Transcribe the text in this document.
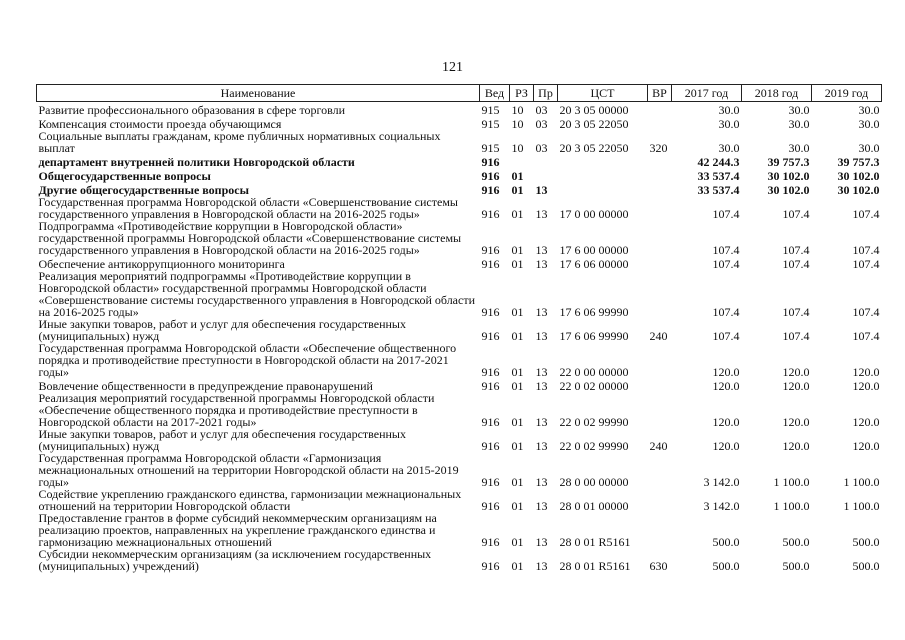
121
Наименование	Вед	РЗ	Пр	ЦСТ	ВР	2017 год	2018 год	2019 год
Развитие профессионального образования в сфере торговли	915	10	03	20 3 05 00000		30.0	30.0	30.0
Компенсация стоимости проезда обучающимся	915	10	03	20 3 05 22050		30.0	30.0	30.0
Социальные выплаты гражданам, кроме публичных нормативных социальных выплат	915	10	03	20 3 05 22050	320	30.0	30.0	30.0
департамент внутренней политики Новгородской области	916					42 244.3	39 757.3	39 757.3
Общегосударственные вопросы	916	01				33 537.4	30 102.0	30 102.0
Другие общегосударственные вопросы	916	01	13			33 537.4	30 102.0	30 102.0
Государственная программа Новгородской области «Совершенствование системы государственного управления в Новгородской области на 2016-2025 годы»	916	01	13	17 0 00 00000		107.4	107.4	107.4
Подпрограмма «Противодействие коррупции в Новгородской области» государственной программы Новгородской области «Совершенствование системы государственного управления в Новгородской области на 2016-2025 годы»	916	01	13	17 6 00 00000		107.4	107.4	107.4
Обеспечение антикоррупционного мониторинга	916	01	13	17 6 06 00000		107.4	107.4	107.4
Реализация мероприятий подпрограммы «Противодействие коррупции в Новгородской области» государственной программы Новгородской области «Совершенствование системы государственного управления в Новгородской области на 2016-2025 годы»	916	01	13	17 6 06 99990		107.4	107.4	107.4
Иные закупки товаров, работ и услуг для обеспечения государственных (муниципальных) нужд	916	01	13	17 6 06 99990	240	107.4	107.4	107.4
Государственная программа Новгородской области «Обеспечение общественного порядка и противодействие преступности в Новгородской области на 2017-2021 годы»	916	01	13	22 0 00 00000		120.0	120.0	120.0
Вовлечение общественности в предупреждение правонарушений	916	01	13	22 0 02 00000		120.0	120.0	120.0
Реализация мероприятий государственной программы Новгородской области «Обеспечение общественного порядка и противодействие преступности в Новгородской области на 2017-2021 годы»	916	01	13	22 0 02 99990		120.0	120.0	120.0
Иные закупки товаров, работ и услуг для обеспечения государственных (муниципальных) нужд	916	01	13	22 0 02 99990	240	120.0	120.0	120.0
Государственная программа Новгородской области «Гармонизация межнациональных отношений на территории Новгородской области на 2015-2019 годы»	916	01	13	28 0 00 00000		3 142.0	1 100.0	1 100.0
Содействие укреплению гражданского единства, гармонизации межнациональных отношений на территории Новгородской области	916	01	13	28 0 01 00000		3 142.0	1 100.0	1 100.0
Предоставление грантов в форме субсидий некоммерческим организациям на реализацию проектов, направленных на укрепление гражданского единства и гармонизацию межнациональных отношений	916	01	13	28 0 01 R5161		500.0	500.0	500.0
Субсидии некоммерческим организациям (за исключением государственных (муниципальных) учреждений)	916	01	13	28 0 01 R5161	630	500.0	500.0	500.0
